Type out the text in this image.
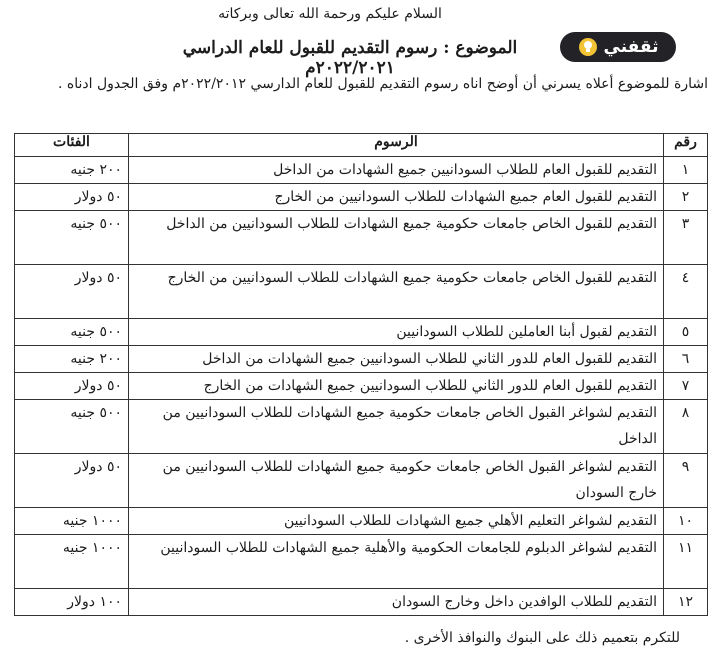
السلام عليكم ورحمة الله تعالى وبركاته
ثقفني
الموضوع : رسوم التقديم للقبول للعام الدراسي ٢٠٢٢/٢٠٢١م
اشارة للموضوع أعلاه يسرني أن أوضح اناه رسوم التقديم للقبول للعام الدارسي ٢٠٢٢/٢٠١٢م وفق الجدول ادناه .
رقم	الرسوم	الفئات
١	التقديم للقبول العام للطلاب السودانيين جميع الشهادات من الداخل	٢٠٠ جنيه
٢	التقديم للقبول العام جميع الشهادات للطلاب السودانيين من الخارج	٥٠ دولار
٣	التقديم للقبول الخاص جامعات حكومية جميع الشهادات للطلاب السودانيين من الداخل	٥٠٠ جنيه
٤	التقديم للقبول الخاص جامعات حكومية جميع الشهادات للطلاب السودانيين من الخارج	٥٠ دولار
٥	التقديم لقبول أبنا العاملين للطلاب السودانيين	٥٠٠ جنيه
٦	التقديم للقبول العام للدور الثاني للطلاب السودانيين جميع الشهادات من الداخل	٢٠٠ جنيه
٧	التقديم للقبول العام للدور الثاني للطلاب السودانيين جميع الشهادات من الخارج	٥٠ دولار
٨	التقديم لشواغر القبول الخاص جامعات حكومية جميع الشهادات للطلاب السودانيين من الداخل	٥٠٠ جنيه
٩	التقديم لشواغر القبول الخاص جامعات حكومية جميع الشهادات للطلاب السودانيين من خارج السودان	٥٠ دولار
١٠	التقديم لشواغر التعليم الأهلي جميع الشهادات للطلاب السودانيين	١٠٠٠ جنيه
١١	التقديم لشواغر الدبلوم للجامعات الحكومية والأهلية جميع الشهادات للطلاب السودانيين	١٠٠٠ جنيه
١٢	التقديم للطلاب الوافدين داخل وخارج السودان	١٠٠ دولار
للتكرم بتعميم ذلك على البنوك والنوافذ الأخرى .
